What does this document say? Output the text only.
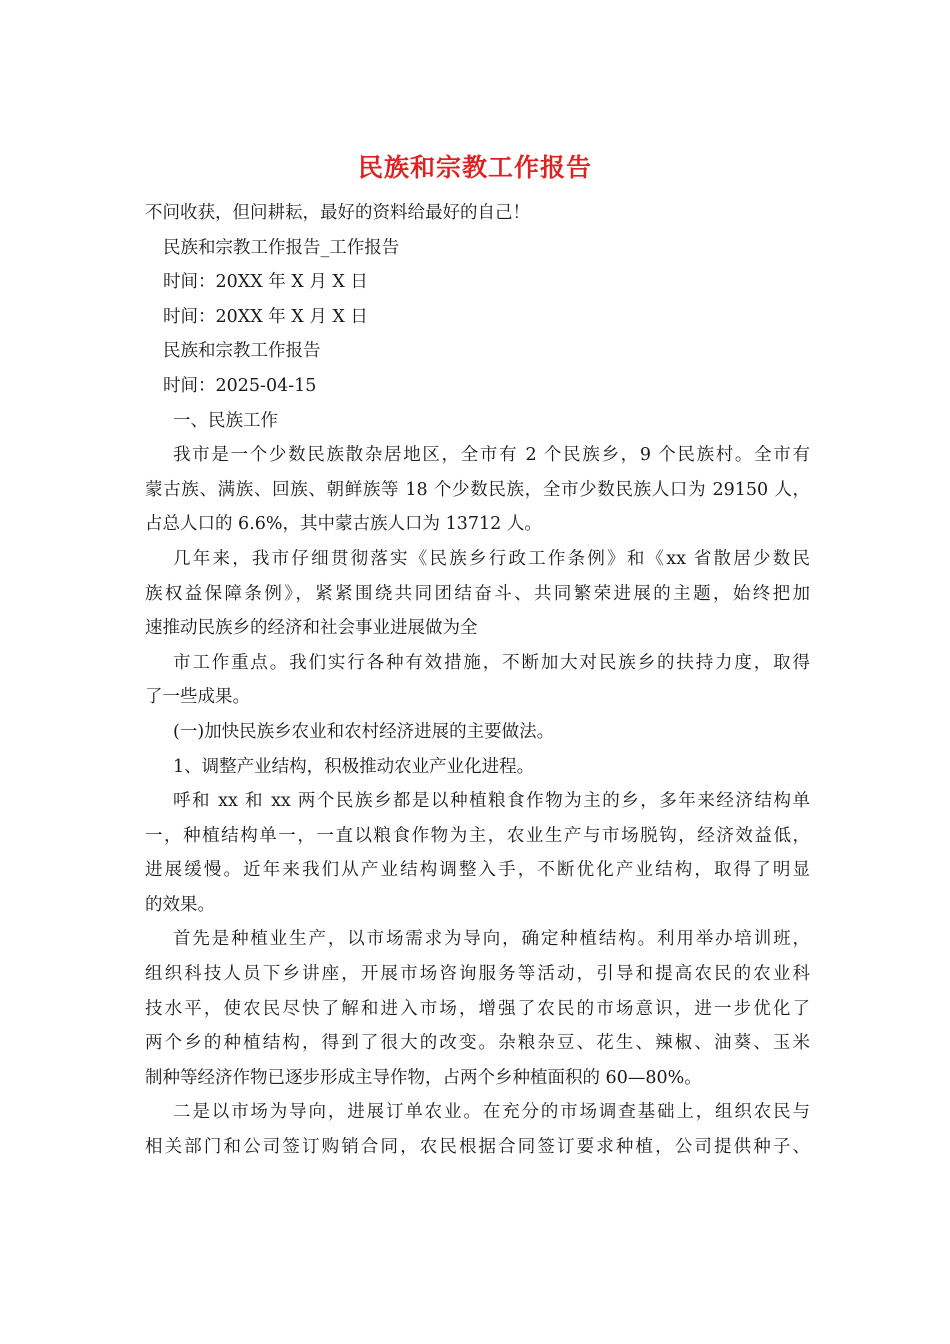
民族和宗教工作报告
不问收获，但问耕耘，最好的资料给最好的自己！
民族和宗教工作报告_工作报告
时间：20XX 年 X 月 X 日
时间：20XX 年 X 月 X 日
民族和宗教工作报告
时间：2025-04-15
一、民族工作
我市是一个少数民族散杂居地区，全市有 2 个民族乡，9 个民族村。全市有
蒙古族、满族、回族、朝鲜族等 18 个少数民族，全市少数民族人口为 29150 人，
占总人口的 6.6%，其中蒙古族人口为 13712 人。
几年来，我市仔细贯彻落实《民族乡行政工作条例》和《xx 省散居少数民
族权益保障条例》，紧紧围绕共同团结奋斗、共同繁荣进展的主题，始终把加
速推动民族乡的经济和社会事业进展做为全
市工作重点。我们实行各种有效措施，不断加大对民族乡的扶持力度，取得
了一些成果。
(一)加快民族乡农业和农村经济进展的主要做法。
1、调整产业结构，积极推动农业产业化进程。
呼和 xx 和 xx 两个民族乡都是以种植粮食作物为主的乡，多年来经济结构单
一，种植结构单一，一直以粮食作物为主，农业生产与市场脱钩，经济效益低，
进展缓慢。近年来我们从产业结构调整入手，不断优化产业结构，取得了明显
的效果。
首先是种植业生产，以市场需求为导向，确定种植结构。利用举办培训班，
组织科技人员下乡讲座，开展市场咨询服务等活动，引导和提高农民的农业科
技水平，使农民尽快了解和进入市场，增强了农民的市场意识，进一步优化了
两个乡的种植结构，得到了很大的改变。杂粮杂豆、花生、辣椒、油葵、玉米
制种等经济作物已逐步形成主导作物，占两个乡种植面积的 60—80%。
二是以市场为导向，进展订单农业。在充分的市场调查基础上，组织农民与
相关部门和公司签订购销合同，农民根据合同签订要求种植，公司提供种子、
